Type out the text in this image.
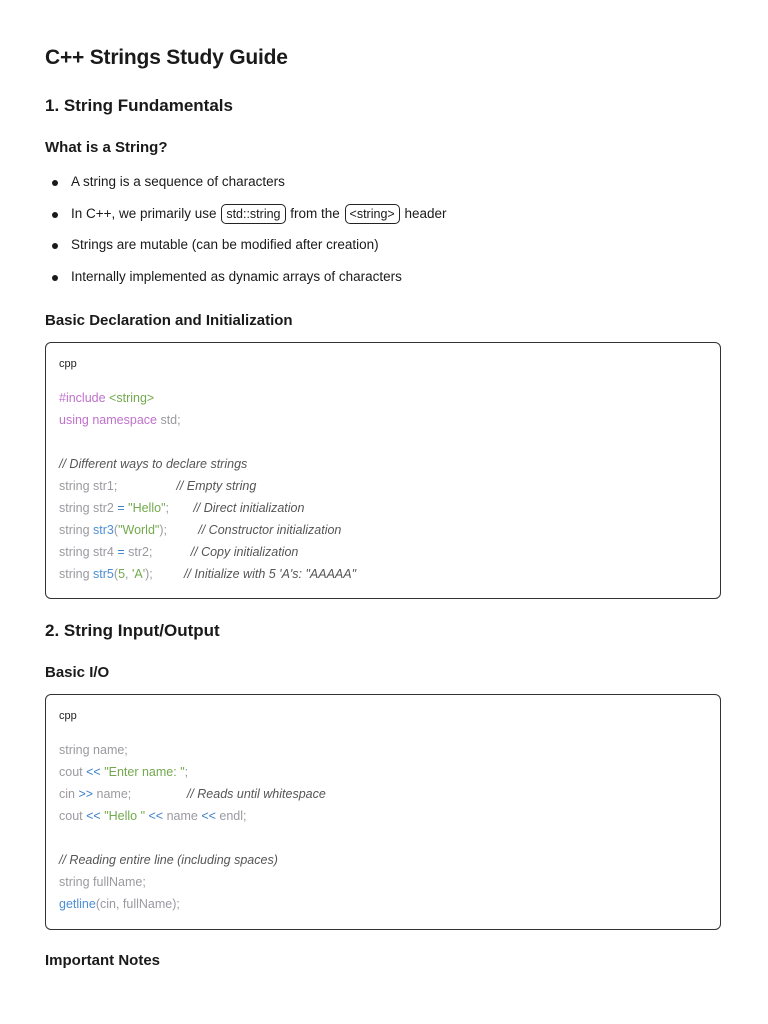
C++ Strings Study Guide
1. String Fundamentals
What is a String?
A string is a sequence of characters
In C++, we primarily use std::string from the <string> header
Strings are mutable (can be modified after creation)
Internally implemented as dynamic arrays of characters
Basic Declaration and Initialization
cpp
#include <string>
using namespace std;

// Different ways to declare strings
string str1;                 // Empty string
string str2 = "Hello";       // Direct initialization
string str3("World");         // Constructor initialization
string str4 = str2;           // Copy initialization
string str5(5, 'A');         // Initialize with 5 'A's: "AAAAA"
2. String Input/Output
Basic I/O
cpp
string name;
cout << "Enter name: ";
cin >> name;                // Reads until whitespace
cout << "Hello " << name << endl;

// Reading entire line (including spaces)
string fullName;
getline(cin, fullName);
Important Notes
